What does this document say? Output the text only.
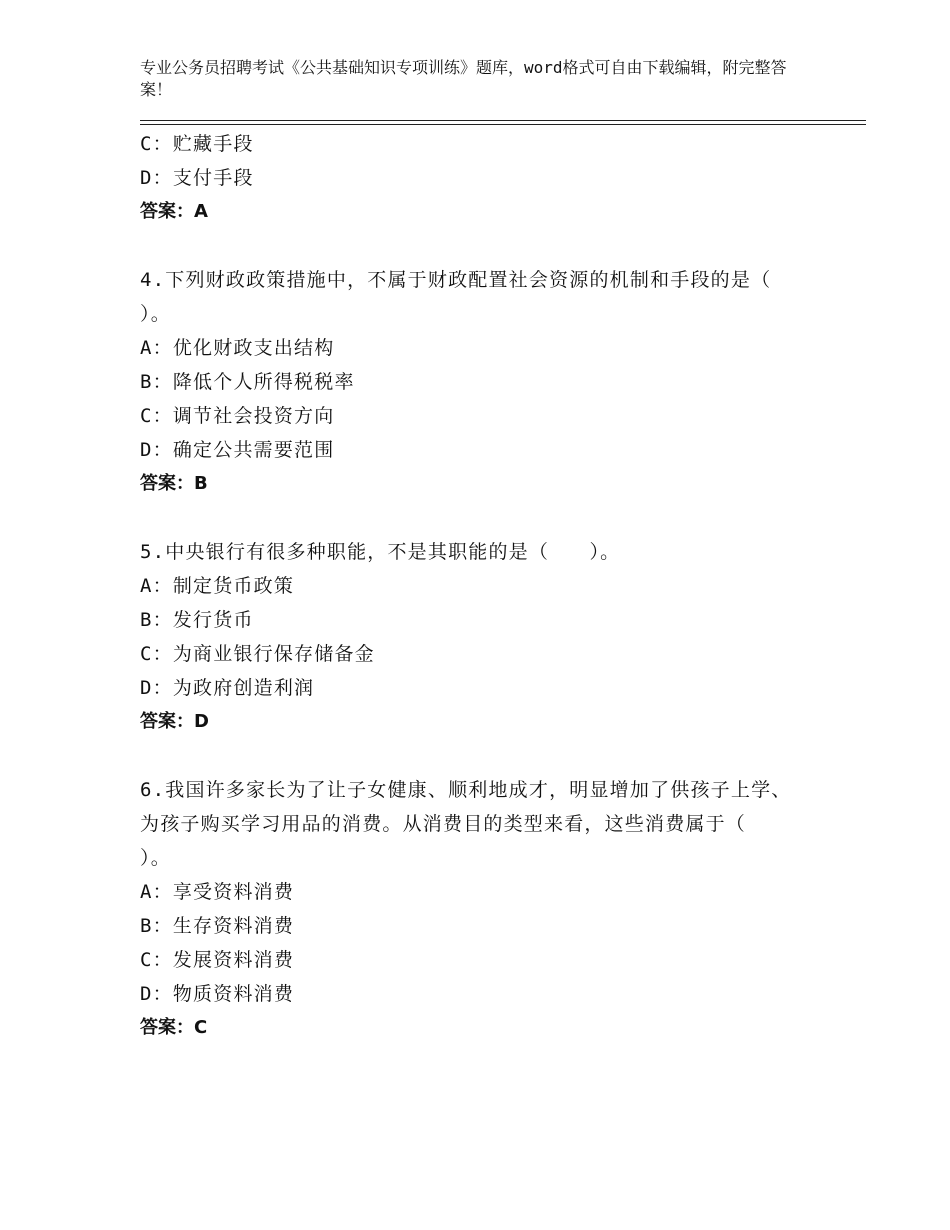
专业公务员招聘考试《公共基础知识专项训练》题库，word格式可自由下载编辑，附完整答案！
C：贮藏手段
D：支付手段
答案：A
4.下列财政政策措施中，不属于财政配置社会资源的机制和手段的是（　　）。
A：优化财政支出结构
B：降低个人所得税税率
C：调节社会投资方向
D：确定公共需要范围
答案：B
5.中央银行有很多种职能，不是其职能的是（　　）。
A：制定货币政策
B：发行货币
C：为商业银行保存储备金
D：为政府创造利润
答案：D
6.我国许多家长为了让子女健康、顺利地成才，明显增加了供孩子上学、为孩子购买学习用品的消费。从消费目的类型来看，这些消费属于（　　）。
A：享受资料消费
B：生存资料消费
C：发展资料消费
D：物质资料消费
答案：C
